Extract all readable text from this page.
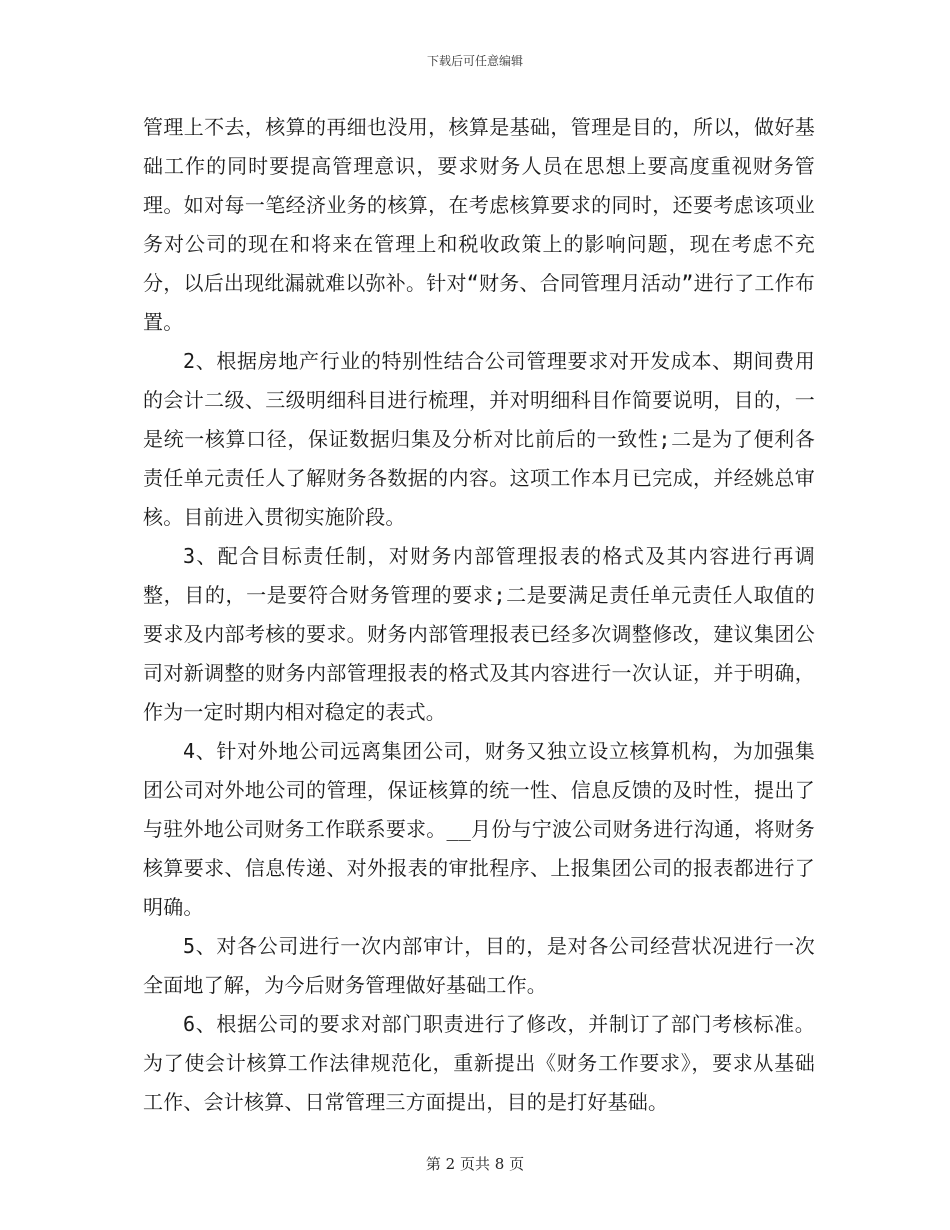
下载后可任意编辑

管理上不去，核算的再细也没用，核算是基础，管理是目的，所以，做好基础工作的同时要提高管理意识，要求财务人员在思想上要高度重视财务管理。如对每一笔经济业务的核算，在考虑核算要求的同时，还要考虑该项业务对公司的现在和将来在管理上和税收政策上的影响问题，现在考虑不充分，以后出现纰漏就难以弥补。针对“财务、合同管理月活动”进行了工作布置。

2、根据房地产行业的特别性结合公司管理要求对开发成本、期间费用的会计二级、三级明细科目进行梳理，并对明细科目作简要说明，目的，一是统一核算口径，保证数据归集及分析对比前后的一致性;二是为了便利各责任单元责任人了解财务各数据的内容。这项工作本月已完成，并经姚总审核。目前进入贯彻实施阶段。

3、配合目标责任制，对财务内部管理报表的格式及其内容进行再调整，目的，一是要符合财务管理的要求;二是要满足责任单元责任人取值的要求及内部考核的要求。财务内部管理报表已经多次调整修改，建议集团公司对新调整的财务内部管理报表的格式及其内容进行一次认证，并于明确，作为一定时期内相对稳定的表式。

4、针对外地公司远离集团公司，财务又独立设立核算机构，为加强集团公司对外地公司的管理，保证核算的统一性、信息反馈的及时性，提出了与驻外地公司财务工作联系要求。__月份与宁波公司财务进行沟通，将财务核算要求、信息传递、对外报表的审批程序、上报集团公司的报表都进行了明确。

5、对各公司进行一次内部审计，目的，是对各公司经营状况进行一次全面地了解，为今后财务管理做好基础工作。

6、根据公司的要求对部门职责进行了修改，并制订了部门考核标准。为了使会计核算工作法律规范化，重新提出《财务工作要求》，要求从基础工作、会计核算、日常管理三方面提出，目的是打好基础。

第 2 页共 8 页
